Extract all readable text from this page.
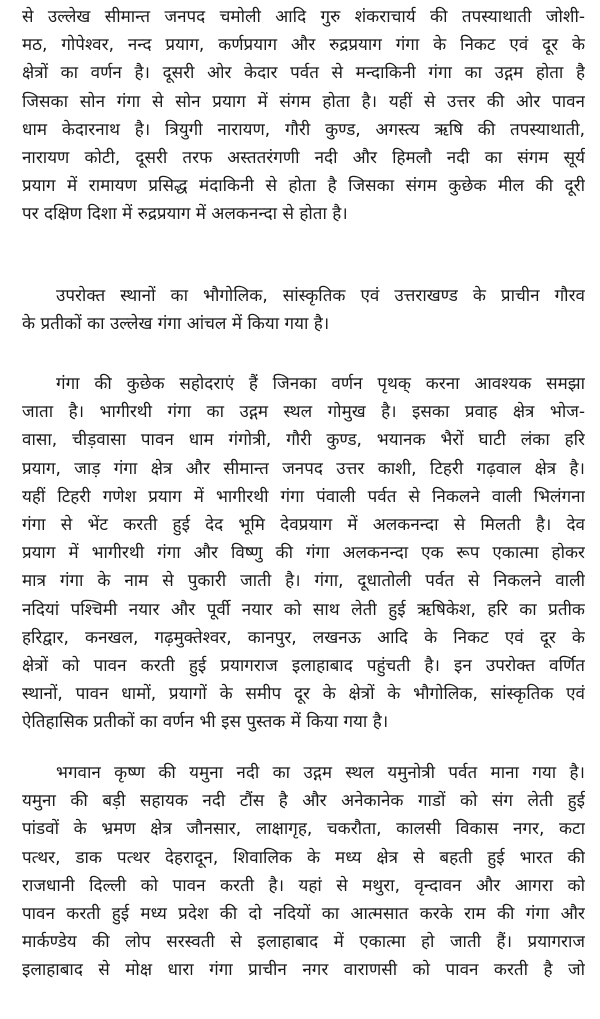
से उल्लेख सीमान्त जनपद चमोली आदि गुरु शंकराचार्य की तपस्याथाती जोशी-
मठ, गोपेश्वर, नन्द प्रयाग, कर्णप्रयाग और रुद्रप्रयाग गंगा के निकट एवं दूर के
क्षेत्रों का वर्णन है। दूसरी ओर केदार पर्वत से मन्दाकिनी गंगा का उद्गम होता है
जिसका सोन गंगा से सोन प्रयाग में संगम होता है। यहीं से उत्तर की ओर पावन
धाम केदारनाथ है। त्रियुगी नारायण, गौरी कुण्ड, अगस्त्य ऋषि की तपस्याथाती,
नारायण कोटी, दूसरी तरफ अस्ततरंगणी नदी और हिमलौ नदी का संगम सूर्य
प्रयाग में रामायण प्रसिद्ध मंदाकिनी से होता है जिसका संगम कुछेक मील की दूरी
पर दक्षिण दिशा में रुद्रप्रयाग में अलकनन्दा से होता है।
उपरोक्त स्थानों का भौगोलिक, सांस्कृतिक एवं उत्तराखण्ड के प्राचीन गौरव
के प्रतीकों का उल्लेख गंगा आंचल में किया गया है।
गंगा की कुछेक सहोदराएं हैं जिनका वर्णन पृथक् करना आवश्यक समझा
जाता है। भागीरथी गंगा का उद्गम स्थल गोमुख है। इसका प्रवाह क्षेत्र भोज-
वासा, चीड़वासा पावन धाम गंगोत्री, गौरी कुण्ड, भयानक भैरों घाटी लंका हरि
प्रयाग, जाड़ गंगा क्षेत्र और सीमान्त जनपद उत्तर काशी, टिहरी गढ़वाल क्षेत्र है।
यहीं टिहरी गणेश प्रयाग में भागीरथी गंगा पंवाली पर्वत से निकलने वाली भिलंगना
गंगा से भेंट करती हुई देद भूमि देवप्रयाग में अलकनन्दा से मिलती है। देव
प्रयाग में भागीरथी गंगा और विष्णु की गंगा अलकनन्दा एक रूप एकात्मा होकर
मात्र गंगा के नाम से पुकारी जाती है। गंगा, दूधातोली पर्वत से निकलने वाली
नदियां पश्चिमी नयार और पूर्वी नयार को साथ लेती हुई ऋषिकेश, हरि का प्रतीक
हरिद्वार, कनखल, गढ़मुक्तेश्वर, कानपुर, लखनऊ आदि के निकट एवं दूर के
क्षेत्रों को पावन करती हुई प्रयागराज इलाहाबाद पहुंचती है। इन उपरोक्त वर्णित
स्थानों, पावन धामों, प्रयागों के समीप दूर के क्षेत्रों के भौगोलिक, सांस्कृतिक एवं
ऐतिहासिक प्रतीकों का वर्णन भी इस पुस्तक में किया गया है।
भगवान कृष्ण की यमुना नदी का उद्गम स्थल यमुनोत्री पर्वत माना गया है।
यमुना की बड़ी सहायक नदी टौंस है और अनेकानेक गाडों को संग लेती हुई
पांडवों के भ्रमण क्षेत्र जौनसार, लाक्षागृह, चकरौता, कालसी विकास नगर, कटा
पत्थर, डाक पत्थर देहरादून, शिवालिक के मध्य क्षेत्र से बहती हुई भारत की
राजधानी दिल्ली को पावन करती है। यहां से मथुरा, वृन्दावन और आगरा को
पावन करती हुई मध्य प्रदेश की दो नदियों का आत्मसात करके राम की गंगा और
मार्कण्डेय की लोप सरस्वती से इलाहाबाद में एकात्मा हो जाती हैं। प्रयागराज
इलाहाबाद से मोक्ष धारा गंगा प्राचीन नगर वाराणसी को पावन करती है जो
